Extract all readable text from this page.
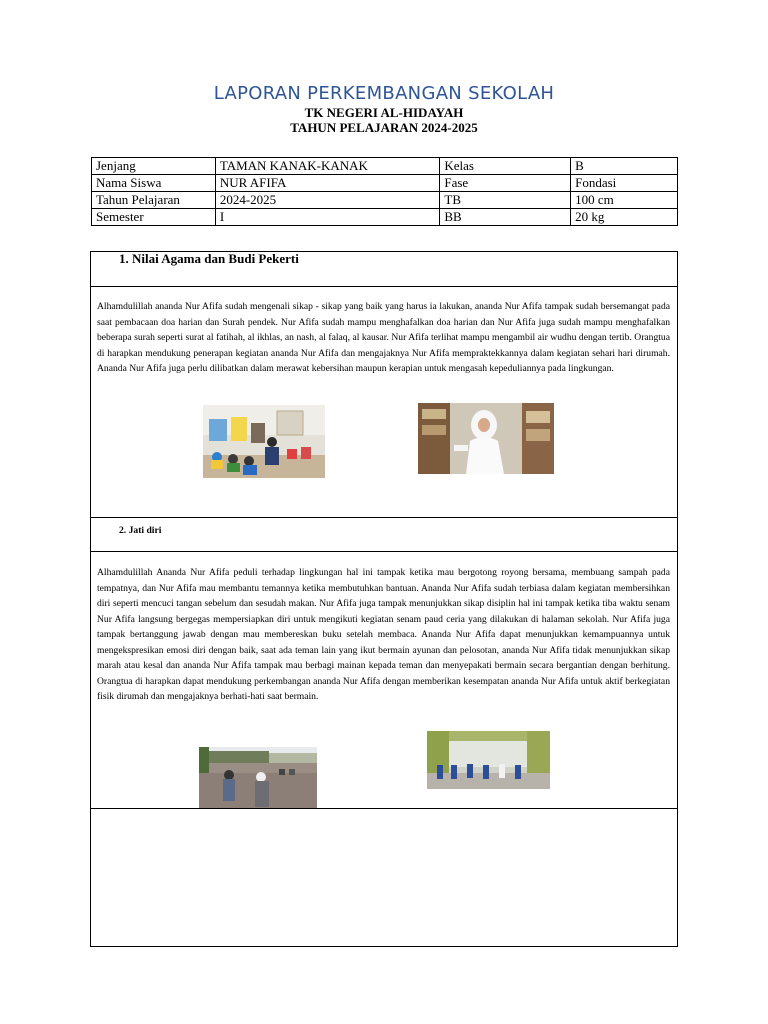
LAPORAN PERKEMBANGAN SEKOLAH
TK NEGERI AL-HIDAYAH
TAHUN PELAJARAN 2024-2025
Jenjang	TAMAN KANAK-KANAK	Kelas	B
Nama Siswa	NUR AFIFA	Fase	Fondasi
Tahun Pelajaran	2024-2025	TB	100 cm
Semester	I	BB	20 kg
1. Nilai Agama dan Budi Pekerti
Alhamdulillah ananda Nur Afifa sudah mengenali sikap - sikap yang baik yang harus ia lakukan, ananda Nur Afifa tampak sudah bersemangat pada saat pembacaan doa harian dan Surah pendek. Nur Afifa sudah mampu menghafalkan doa harian dan Nur Afifa juga sudah mampu menghafalkan beberapa surah seperti surat al fatihah, al ikhlas, an nash, al falaq, al kausar. Nur Afifa terlihat mampu mengambil air wudhu dengan tertib. Orangtua di harapkan mendukung penerapan kegiatan ananda Nur Afifa dan mengajaknya Nur Afifa mempraktekkannya dalam kegiatan sehari hari dirumah. Ananda Nur Afifa juga perlu dilibatkan dalam merawat kebersihan maupun kerapian untuk mengasah kepeduliannya pada lingkungan.
2. Jati diri
Alhamdulillah Ananda Nur Afifa peduli terhadap lingkungan hal ini tampak ketika mau bergotong royong bersama, membuang sampah pada tempatnya, dan Nur Afifa mau membantu temannya ketika membutuhkan bantuan. Ananda Nur Afifa sudah terbiasa dalam kegiatan membersihkan diri seperti mencuci tangan sebelum dan sesudah makan. Nur Afifa juga tampak menunjukkan sikap disiplin hal ini tampak ketika tiba waktu senam Nur Afifa langsung bergegas mempersiapkan diri untuk mengikuti kegiatan senam paud ceria yang dilakukan di halaman sekolah. Nur Afifa juga tampak bertanggung jawab dengan mau membereskan buku setelah membaca. Ananda Nur Afifa dapat menunjukkan kemampuannya untuk mengekspresikan emosi diri dengan baik, saat ada teman lain yang ikut bermain ayunan dan pelosotan, ananda Nur Afifa tidak menunjukkan sikap marah atau kesal dan ananda Nur Afifa tampak mau berbagi mainan kepada teman dan menyepakati bermain secara bergantian dengan berhitung. Orangtua di harapkan dapat mendukung perkembangan ananda Nur Afifa dengan memberikan kesempatan ananda Nur Afifa untuk aktif berkegiatan fisik dirumah dan mengajaknya berhati-hati saat bermain.
